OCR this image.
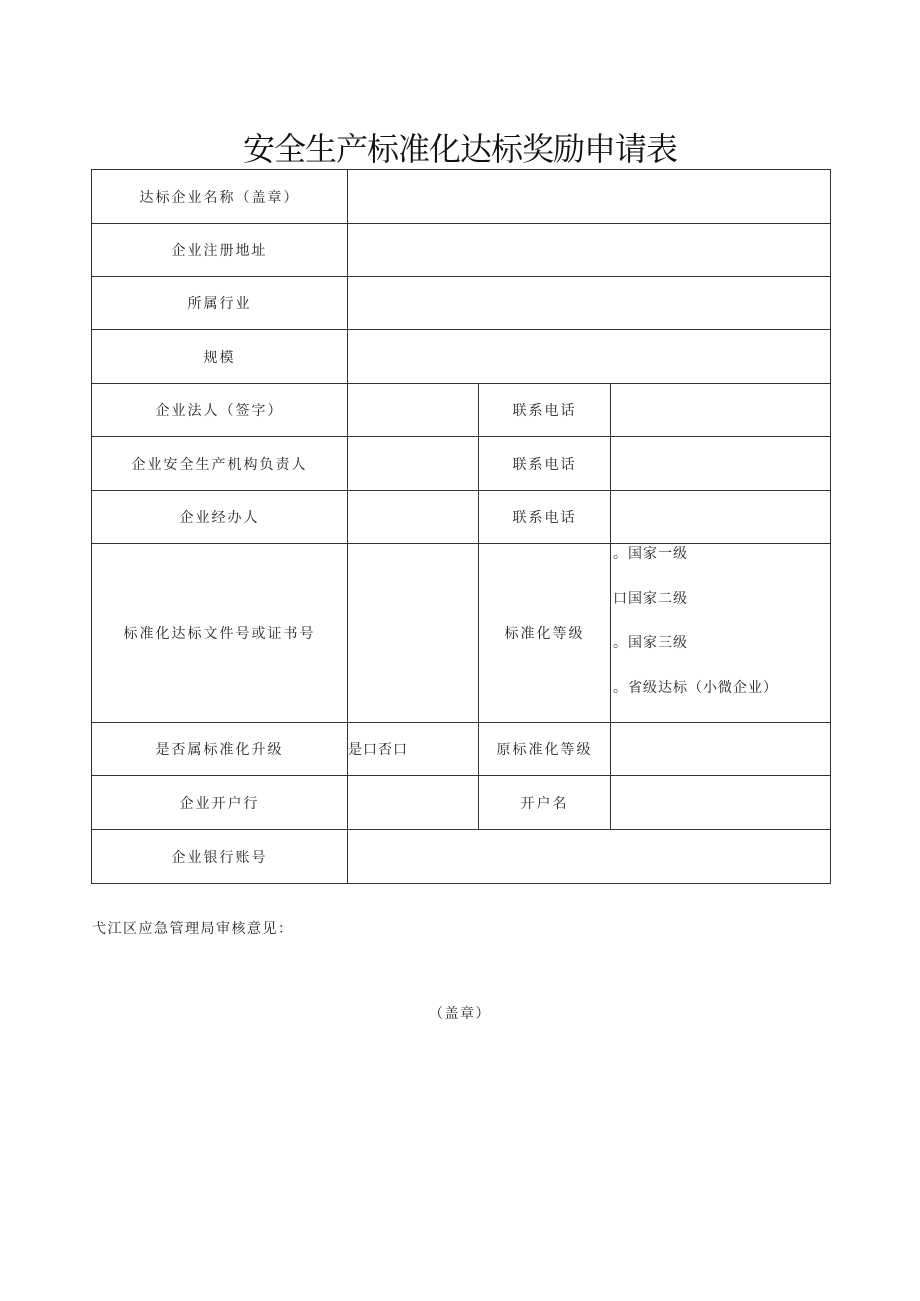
安全生产标准化达标奖励申请表
达标企业名称（盖章）			
企业注册地址			
所属行业			
规模			
企业法人（签字）		联系电话	
企业安全生产机构负责人		联系电话	
企业经办人		联系电话	
标准化达标文件号或证书号		标准化等级	。国家一级
口国家二级
。国家三级
。省级达标（小微企业）

是否属标准化升级	是口否口	原标准化等级	
企业开户行		开户名	
企业银行账号			
弋江区应急管理局审核意见：
（盖章）
